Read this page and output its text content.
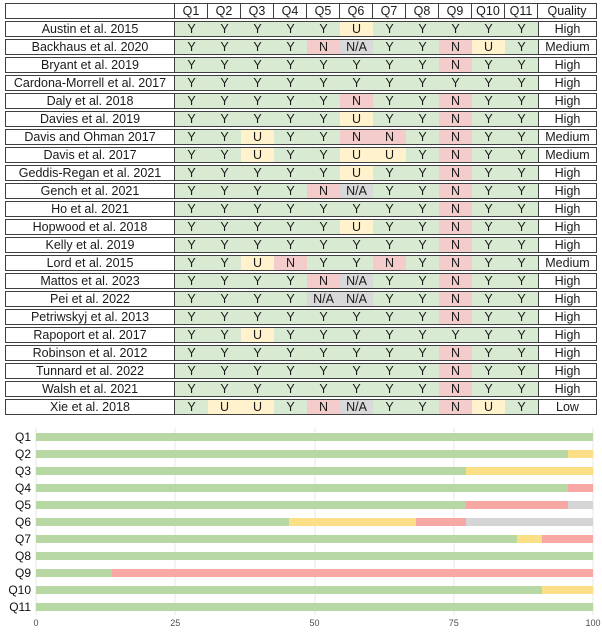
	Q1	Q2	Q3	Q4	Q5	Q6	Q7	Q8	Q9	Q10	Q11	Quality
Austin et al. 2015	Y	Y	Y	Y	Y	U	Y	Y	Y	Y	Y	High
Backhaus et al. 2020	Y	Y	Y	Y	N	N/A	Y	Y	N	U	Y	Medium
Bryant et al. 2019	Y	Y	Y	Y	Y	Y	Y	Y	N	Y	Y	High
Cardona-Morrell et al. 2017	Y	Y	Y	Y	Y	Y	Y	Y	Y	Y	Y	High
Daly et al. 2018	Y	Y	Y	Y	Y	N	Y	Y	N	Y	Y	High
Davies et al. 2019	Y	Y	Y	Y	Y	U	Y	Y	N	Y	Y	High
Davis and Ohman 2017	Y	Y	U	Y	Y	N	N	Y	N	Y	Y	Medium
Davis et al. 2017	Y	Y	U	Y	Y	U	U	Y	N	Y	Y	Medium
Geddis-Regan et al. 2021	Y	Y	Y	Y	Y	U	Y	Y	N	Y	Y	High
Gench et al. 2021	Y	Y	Y	Y	N	N/A	Y	Y	N	Y	Y	High
Ho et al. 2021	Y	Y	Y	Y	Y	Y	Y	Y	N	Y	Y	High
Hopwood et al. 2018	Y	Y	Y	Y	Y	U	Y	Y	N	Y	Y	High
Kelly et al. 2019	Y	Y	Y	Y	Y	Y	Y	Y	N	Y	Y	High
Lord et al. 2015	Y	Y	U	N	Y	Y	N	Y	N	Y	Y	Medium
Mattos et al. 2023	Y	Y	Y	Y	N	N/A	Y	Y	N	Y	Y	High
Pei et al. 2022	Y	Y	Y	Y	N/A	N/A	Y	Y	N	Y	Y	High
Petriwskyj et al. 2013	Y	Y	Y	Y	Y	Y	Y	Y	N	Y	Y	High
Rapoport et al. 2017	Y	Y	U	Y	Y	Y	Y	Y	Y	Y	Y	High
Robinson et al. 2012	Y	Y	Y	Y	Y	Y	Y	Y	N	Y	Y	High
Tunnard et al. 2022	Y	Y	Y	Y	Y	Y	Y	Y	N	Y	Y	High
Walsh et al. 2021	Y	Y	Y	Y	Y	Y	Y	Y	N	Y	Y	High
Xie et al. 2018	Y	U	U	Y	N	N/A	Y	Y	N	U	Y	Low
Q1
Q2
Q3
Q4
Q5
Q6
Q7
Q8
Q9
Q10
Q11
0	25	50	75	100
